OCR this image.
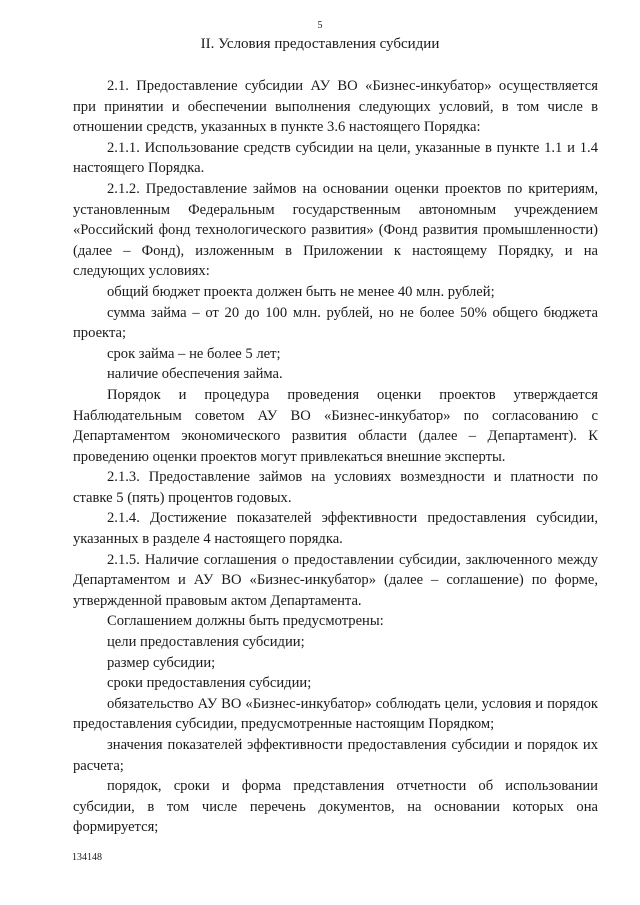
5
II. Условия предоставления субсидии

2.1. Предоставление субсидии АУ ВО «Бизнес-инкубатор» осуществляется при принятии и обеспечении выполнения следующих условий, в том числе в отношении средств, указанных в пункте 3.6 настоящего Порядка:

2.1.1. Использование средств субсидии на цели, указанные в пункте 1.1 и 1.4 настоящего Порядка.

2.1.2. Предоставление займов на основании оценки проектов по критериям, установленным Федеральным государственным автономным учреждением «Российский фонд технологического развития» (Фонд развития промышленности) (далее – Фонд), изложенным в Приложении к настоящему Порядку, и на следующих условиях:

общий бюджет проекта должен быть не менее 40 млн. рублей;

сумма займа – от 20 до 100 млн. рублей, но не более 50% общего бюджета проекта;

срок займа – не более 5 лет;

наличие обеспечения займа.

Порядок и процедура проведения оценки проектов утверждается Наблюдательным советом АУ ВО «Бизнес-инкубатор» по согласованию с Департаментом экономического развития области (далее – Департамент). К проведению оценки проектов могут привлекаться внешние эксперты.

2.1.3. Предоставление займов на условиях возмездности и платности по ставке 5 (пять) процентов годовых.

2.1.4. Достижение показателей эффективности предоставления субсидии, указанных в разделе 4 настоящего порядка.

2.1.5. Наличие соглашения о предоставлении субсидии, заключенного между Департаментом и АУ ВО «Бизнес-инкубатор» (далее – соглашение) по форме, утвержденной правовым актом Департамента.

Соглашением должны быть предусмотрены:

цели предоставления субсидии;

размер субсидии;

сроки предоставления субсидии;

обязательство АУ ВО «Бизнес-инкубатор» соблюдать цели, условия и порядок предоставления субсидии, предусмотренные настоящим Порядком;

значения показателей эффективности предоставления субсидии и порядок их расчета;

порядок, сроки и форма представления отчетности об использовании субсидии, в том числе перечень документов, на основании которых она формируется;

134148
